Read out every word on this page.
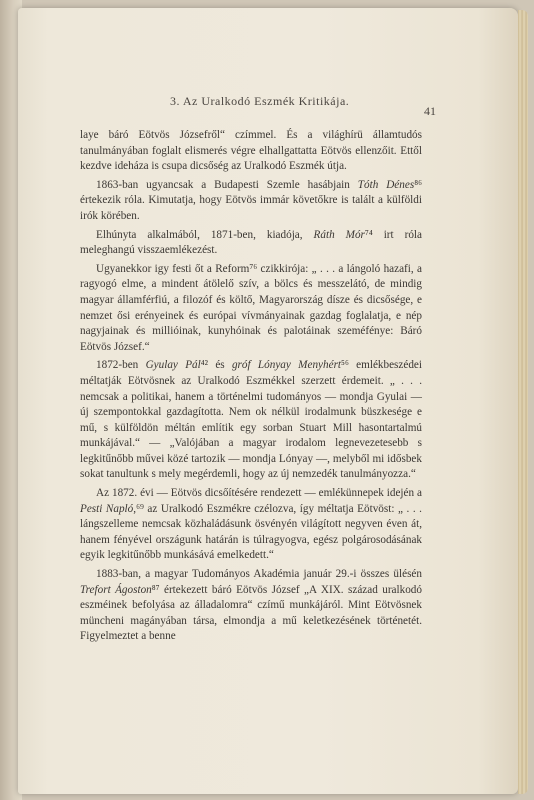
3. Az Uralkodó Eszmék Kritikája.
41

laye báró Eötvös Józsefről“ czímmel. És a világhírü államtudós tanulmányában foglalt elismerés végre elhallgattatta Eötvös ellenzőit. Ettől kezdve ideháza is csupa dicsőség az Uralkodó Eszmék útja.

1863-ban ugyancsak a Budapesti Szemle hasábjain Tóth Dénes⁸⁶ értekezik róla. Kimutatja, hogy Eötvös immár követőkre is talált a külföldi irók körében.

Elhúnyta alkalmából, 1871-ben, kiadója, Ráth Mór⁷⁴ irt róla meleghangú visszaemlékezést.

Ugyanekkor igy festi őt a Reform⁷⁶ czikkirója: „ . . . a lángoló hazafi, a ragyogó elme, a mindent átölelő szív, a bölcs és messzelátó, de mindig magyar államférfiú, a filozóf és költő, Magyarország dísze és dicsősége, e nemzet ősi erényeinek és európai vívmányainak gazdag foglalatja, e nép nagyjainak és millióinak, kunyhóinak és palotáinak szeméfénye: Báró Eötvös József.“

1872-ben Gyulay Pál⁴² és gróf Lónyay Menyhért⁵⁶ emlékbeszédei méltatják Eötvösnek az Uralkodó Eszmékkel szerzett érdemeit. „ . . . nemcsak a politikai, hanem a történelmi tudományos — mondja Gyulai — új szempontokkal gazdagította. Nem ok nélkül irodalmunk büszkesége e mű, s külföldön méltán említik egy sorban Stuart Mill hasontartalmú munkájával.“ — „Valójában a magyar irodalom legnevezetesebb s legkitűnőbb művei közé tartozik — mondja Lónyay —, melyből mi idősbek sokat tanultunk s mely megérdemli, hogy az új nemzedék tanulmányozza.“

Az 1872. évi — Eötvös dicsőítésére rendezett — emlékünnepek idején a Pesti Napló,⁶⁹ az Uralkodó Eszmékre czélozva, így méltatja Eötvöst: „ . . . lángszelleme nemcsak közhaládásunk ösvényén világított negyven éven át, hanem fényével országunk határán is túlragyogva, egész polgárosodásának egyik legkitűnőbb munkásává emelkedett.“

1883-ban, a magyar Tudományos Akadémia január 29.-i összes ülésén Trefort Ágoston⁸⁷ értekezett báró Eötvös József „A XIX. század uralkodó eszméinek befolyása az álladalomra“ czímű munkájáról. Mint Eötvösnek müncheni magányában társa, elmondja a mű keletkezésének történetét. Figyelmeztet a benne
